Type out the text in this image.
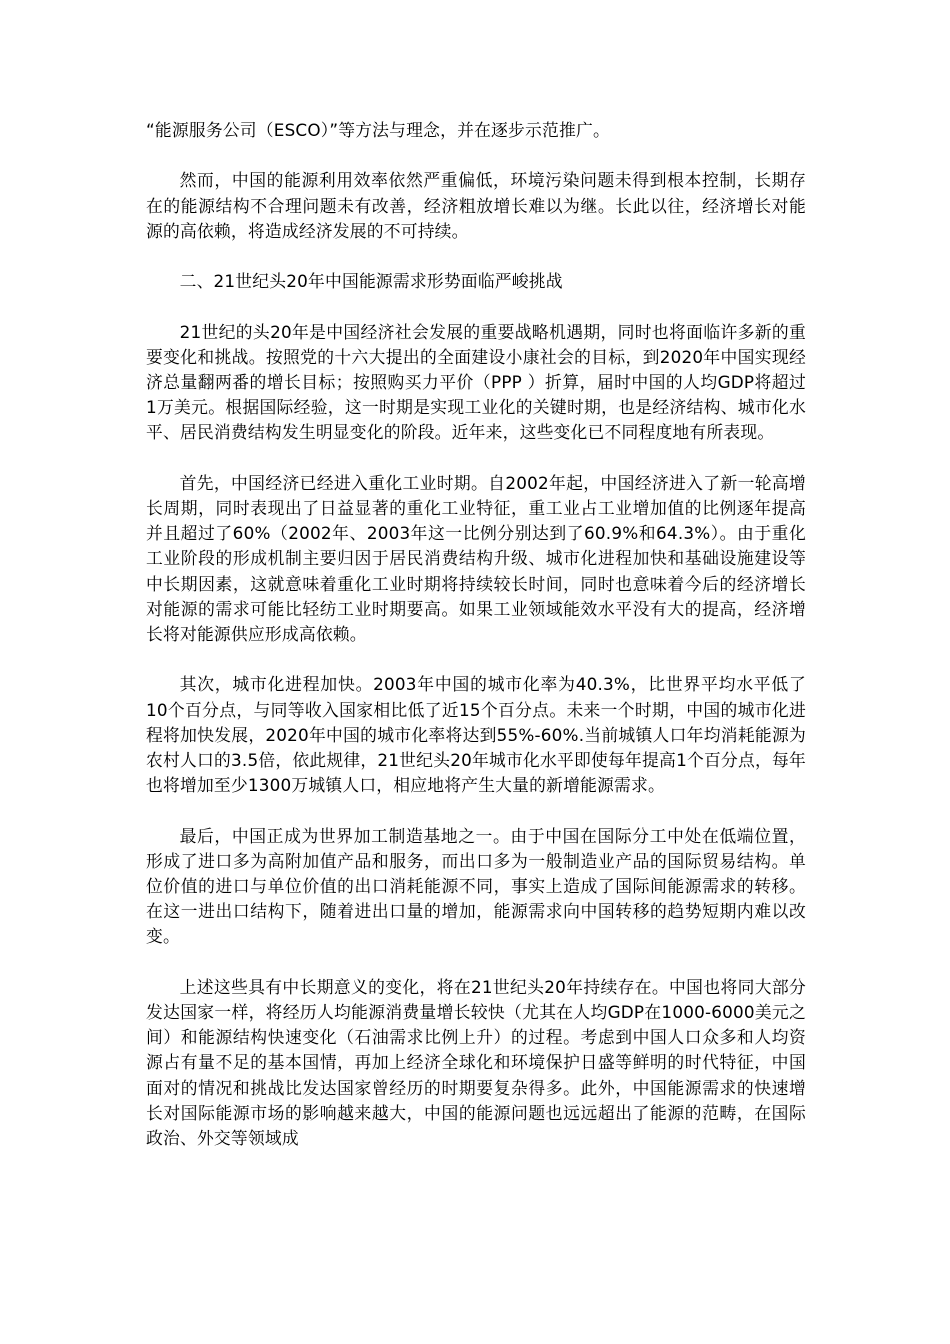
“能源服务公司（ESCO）”等方法与理念，并在逐步示范推广。

然而，中国的能源利用效率依然严重偏低，环境污染问题未得到根本控制，长期存在的能源结构不合理问题未有改善，经济粗放增长难以为继。长此以往，经济增长对能源的高依赖，将造成经济发展的不可持续。

二、21世纪头20年中国能源需求形势面临严峻挑战

21世纪的头20年是中国经济社会发展的重要战略机遇期，同时也将面临许多新的重要变化和挑战。按照党的十六大提出的全面建设小康社会的目标，到2020年中国实现经济总量翻两番的增长目标；按照购买力平价（PPP ）折算，届时中国的人均GDP将超过1万美元。根据国际经验，这一时期是实现工业化的关键时期，也是经济结构、城市化水平、居民消费结构发生明显变化的阶段。近年来，这些变化已不同程度地有所表现。

首先，中国经济已经进入重化工业时期。自2002年起，中国经济进入了新一轮高增长周期，同时表现出了日益显著的重化工业特征，重工业占工业增加值的比例逐年提高并且超过了60%（2002年、2003年这一比例分别达到了60.9%和64.3%）。由于重化工业阶段的形成机制主要归因于居民消费结构升级、城市化进程加快和基础设施建设等中长期因素，这就意味着重化工业时期将持续较长时间，同时也意味着今后的经济增长对能源的需求可能比轻纺工业时期要高。如果工业领域能效水平没有大的提高，经济增长将对能源供应形成高依赖。

其次，城市化进程加快。2003年中国的城市化率为40.3%，比世界平均水平低了10个百分点，与同等收入国家相比低了近15个百分点。未来一个时期，中国的城市化进程将加快发展，2020年中国的城市化率将达到55%-60%.当前城镇人口年均消耗能源为农村人口的3.5倍，依此规律，21世纪头20年城市化水平即使每年提高1个百分点，每年也将增加至少1300万城镇人口，相应地将产生大量的新增能源需求。

最后，中国正成为世界加工制造基地之一。由于中国在国际分工中处在低端位置，形成了进口多为高附加值产品和服务，而出口多为一般制造业产品的国际贸易结构。单位价值的进口与单位价值的出口消耗能源不同，事实上造成了国际间能源需求的转移。在这一进出口结构下，随着进出口量的增加，能源需求向中国转移的趋势短期内难以改变。

上述这些具有中长期意义的变化，将在21世纪头20年持续存在。中国也将同大部分发达国家一样，将经历人均能源消费量增长较快（尤其在人均GDP在1000-6000美元之间）和能源结构快速变化（石油需求比例上升）的过程。考虑到中国人口众多和人均资源占有量不足的基本国情，再加上经济全球化和环境保护日盛等鲜明的时代特征，中国面对的情况和挑战比发达国家曾经历的时期要复杂得多。此外，中国能源需求的快速增长对国际能源市场的影响越来越大，中国的能源问题也远远超出了能源的范畴，在国际政治、外交等领域成
